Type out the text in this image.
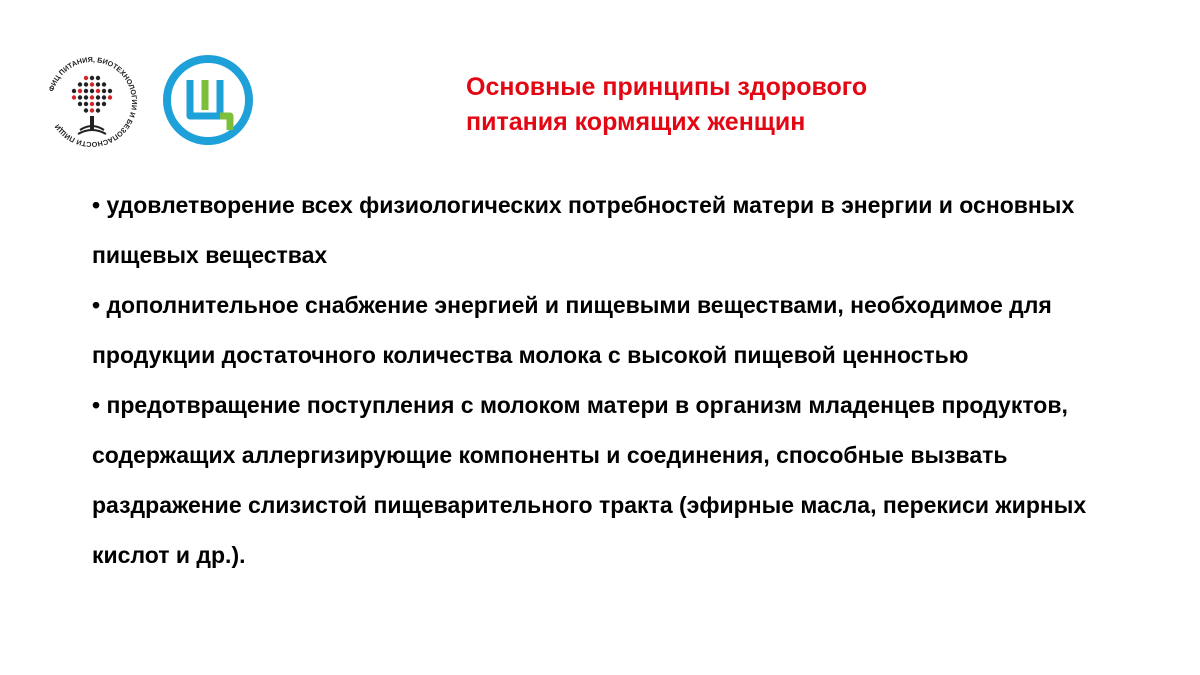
ФИЦ ПИТАНИЯ, БИОТЕХНОЛОГИИ И БЕЗОПАСНОСТИ ПИЩИ
Основные принципы здорового
питания кормящих женщин

• удовлетворение всех физиологических потребностей матери в энергии и основных пищевых веществах

• дополнительное снабжение энергией и пищевыми веществами, необходимое для продукции достаточного количества молока с высокой пищевой ценностью

• предотвращение поступления с молоком матери в организм младенцев продуктов, содержащих аллергизирующие компоненты и соединения, способные вызвать раздражение слизистой пищеварительного тракта (эфирные масла, перекиси жирных кислот и др.).
